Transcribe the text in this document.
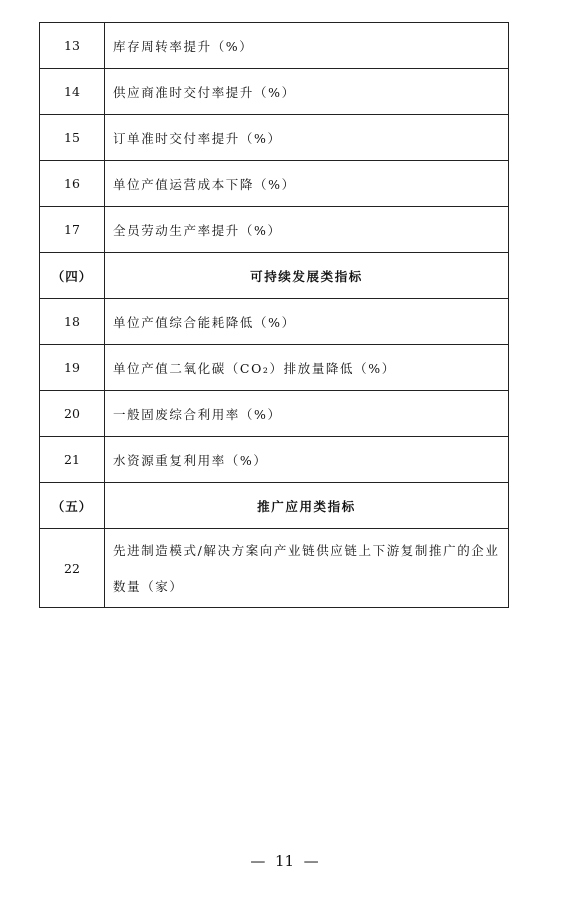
13	库存周转率提升（%）
14	供应商准时交付率提升（%）
15	订单准时交付率提升（%）
16	单位产值运营成本下降（%）
17	全员劳动生产率提升（%）
（四）	可持续发展类指标
18	单位产值综合能耗降低（%）
19	单位产值二氧化碳（CO₂）排放量降低（%）
20	一般固废综合利用率（%）
21	水资源重复利用率（%）
（五）	推广应用类指标
22	先进制造模式/解决方案向产业链供应链上下游复制推广的企业数量（家）
—  11  —
